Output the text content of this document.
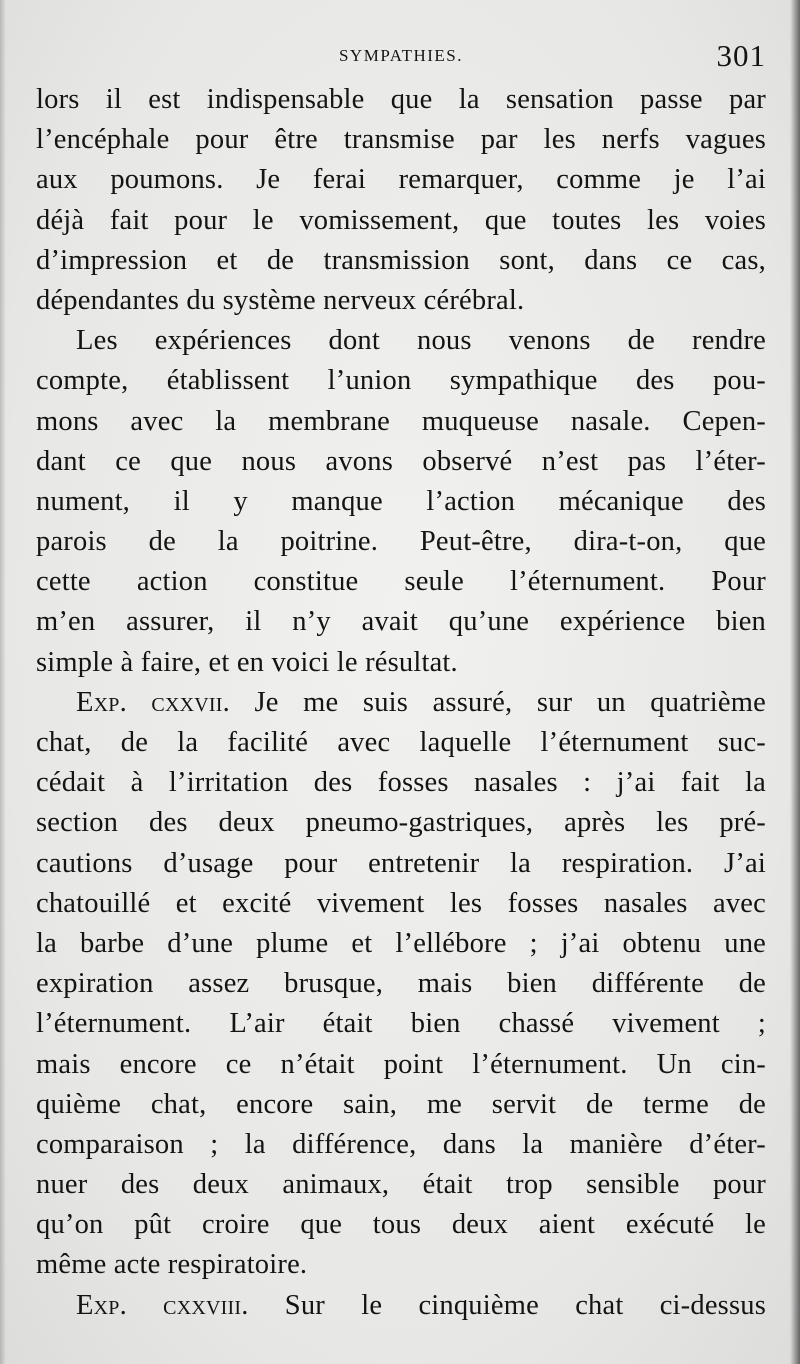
SYMPATHIES.	301
lors il est indispensable que la sensation passe par
l’encéphale pour être transmise par les nerfs vagues
aux poumons. Je ferai remarquer, comme je l’ai
déjà fait pour le vomissement, que toutes les voies
d’impression et de transmission sont, dans ce cas,
dépendantes du système nerveux cérébral.
Les expériences dont nous venons de rendre
compte, établissent l’union sympathique des pou-
mons avec la membrane muqueuse nasale. Cepen-
dant ce que nous avons observé n’est pas l’éter-
nument, il y manque l’action mécanique des
parois de la poitrine. Peut-être, dira-t-on, que
cette action constitue seule l’éternument. Pour
m’en assurer, il n’y avait qu’une expérience bien
simple à faire, et en voici le résultat.
Exp. cxxvii. Je me suis assuré, sur un quatrième
chat, de la facilité avec laquelle l’éternument suc-
cédait à l’irritation des fosses nasales : j’ai fait la
section des deux pneumo-gastriques, après les pré-
cautions d’usage pour entretenir la respiration. J’ai
chatouillé et excité vivement les fosses nasales avec
la barbe d’une plume et l’ellébore ; j’ai obtenu une
expiration assez brusque, mais bien différente de
l’éternument. L’air était bien chassé vivement ;
mais encore ce n’était point l’éternument. Un cin-
quième chat, encore sain, me servit de terme de
comparaison ; la différence, dans la manière d’éter-
nuer des deux animaux, était trop sensible pour
qu’on pût croire que tous deux aient exécuté le
même acte respiratoire.
Exp. cxxviii. Sur le cinquième chat ci-dessus
